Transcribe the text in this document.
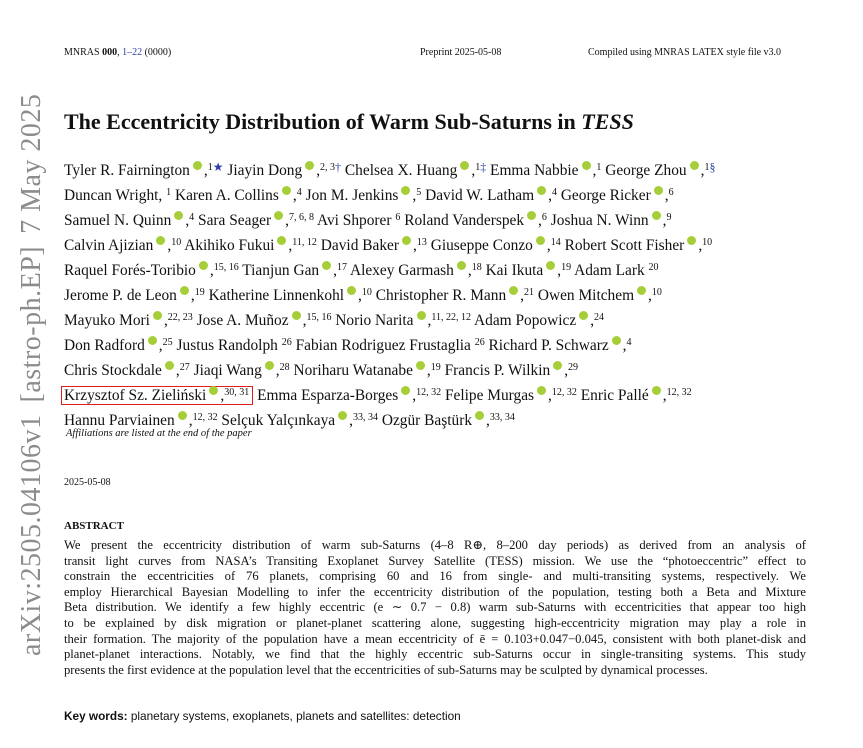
arXiv:2505.04106v1[astro-ph.EP]7 May 2025
MNRAS 000, 1–22 (0000)	Preprint 2025-05-08	Compiled using MNRAS LATEX style file v3.0
The Eccentricity Distribution of Warm Sub-Saturns in TESS
Tyler R. Fairnington ,$^{1★}$ Jiayin Dong ,$^{2, 3\dagger}$ Chelsea X. Huang ,$^{1\ddagger}$ Emma Nabbie ,$^1$ George Zhou ,$^{1\S}$
Duncan Wright, $^1$ Karen A. Collins ,$^4$ Jon M. Jenkins ,$^5$ David W. Latham ,$^4$ George Ricker ,$^6$
Samuel N. Quinn ,$^4$ Sara Seager ,$^{7, 6, 8}$ Avi Shporer $^6$ Roland Vanderspek ,$^6$ Joshua N. Winn ,$^9$
Calvin Ajizian ,$^{10}$ Akihiko Fukui ,$^{11, 12}$ David Baker ,$^{13}$ Giuseppe Conzo ,$^{14}$ Robert Scott Fisher ,$^{10}$
Raquel Forés-Toribio ,$^{15, 16}$ Tianjun Gan ,$^{17}$ Alexey Garmash ,$^{18}$ Kai Ikuta ,$^{19}$ Adam Lark $^{20}$
Jerome P. de Leon ,$^{19}$ Katherine Linnenkohl ,$^{10}$ Christopher R. Mann ,$^{21}$ Owen Mitchem ,$^{10}$
Mayuko Mori ,$^{22, 23}$ Jose A. Muñoz ,$^{15, 16}$ Norio Narita ,$^{11, 22, 12}$ Adam Popowicz ,$^{24}$
Don Radford ,$^{25}$ Justus Randolph $^{26}$ Fabian Rodriguez Frustaglia $^{26}$ Richard P. Schwarz ,$^4$
Chris Stockdale ,$^{27}$ Jiaqi Wang ,$^{28}$ Noriharu Watanabe ,$^{19}$ Francis P. Wilkin ,$^{29}$
Krzysztof Sz. Zieliński ,$^{30, 31}$ Emma Esparza-Borges ,$^{12, 32}$ Felipe Murgas ,$^{12, 32}$ Enric Pallé ,$^{12, 32}$
Hannu Parviainen ,$^{12, 32}$ Selçuk Yalçınkaya ,$^{33, 34}$ Ozgür Baştürk ,$^{33, 34}$
Affiliations are listed at the end of the paper
2025-05-08
ABSTRACT
We present the eccentricity distribution of warm sub-Saturns (4–8 R⊕, 8–200 day periods) as derived from an analysis of
transit light curves from NASA’s Transiting Exoplanet Survey Satellite (TESS) mission. We use the “photoeccentric” effect to
constrain the eccentricities of 76 planets, comprising 60 and 16 from single- and multi-transiting systems, respectively. We
employ Hierarchical Bayesian Modelling to infer the eccentricity distribution of the population, testing both a Beta and Mixture
Beta distribution. We identify a few highly eccentric (e ∼ 0.7 − 0.8) warm sub-Saturns with eccentricities that appear too high
to be explained by disk migration or planet-planet scattering alone, suggesting high-eccentricity migration may play a role in
their formation. The majority of the population have a mean eccentricity of ē = 0.103+0.047−0.045, consistent with both planet-disk and
planet-planet interactions. Notably, we find that the highly eccentric sub-Saturns occur in single-transiting systems. This study
presents the first evidence at the population level that the eccentricities of sub-Saturns may be sculpted by dynamical processes.
Key words: planetary systems, exoplanets, planets and satellites: detection
